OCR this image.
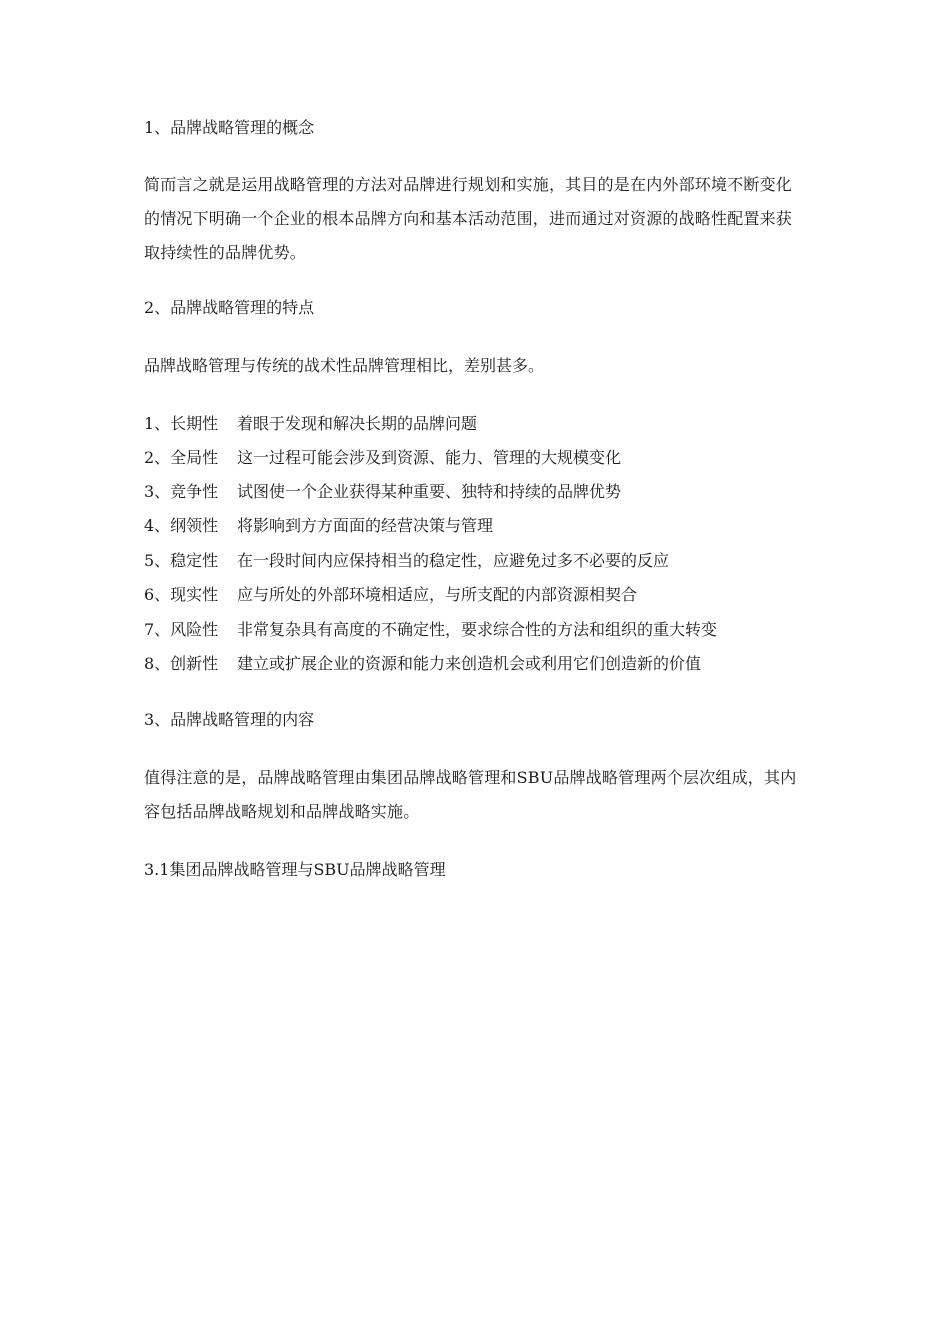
1、品牌战略管理的概念
简而言之就是运用战略管理的方法对品牌进行规划和实施，其目的是在内外部环境不断变化的情况下明确一个企业的根本品牌方向和基本活动范围，进而通过对资源的战略性配置来获取持续性的品牌优势。
2、品牌战略管理的特点
品牌战略管理与传统的战术性品牌管理相比，差别甚多。
1、长期性 着眼于发现和解决长期的品牌问题
2、全局性 这一过程可能会涉及到资源、能力、管理的大规模变化
3、竞争性 试图使一个企业获得某种重要、独特和持续的品牌优势
4、纲领性 将影响到方方面面的经营决策与管理
5、稳定性 在一段时间内应保持相当的稳定性，应避免过多不必要的反应
6、现实性 应与所处的外部环境相适应，与所支配的内部资源相契合
7、风险性 非常复杂具有高度的不确定性，要求综合性的方法和组织的重大转变
8、创新性 建立或扩展企业的资源和能力来创造机会或利用它们创造新的价值
3、品牌战略管理的内容
值得注意的是，品牌战略管理由集团品牌战略管理和SBU品牌战略管理两个层次组成，其内容包括品牌战略规划和品牌战略实施。
3.1集团品牌战略管理与SBU品牌战略管理
